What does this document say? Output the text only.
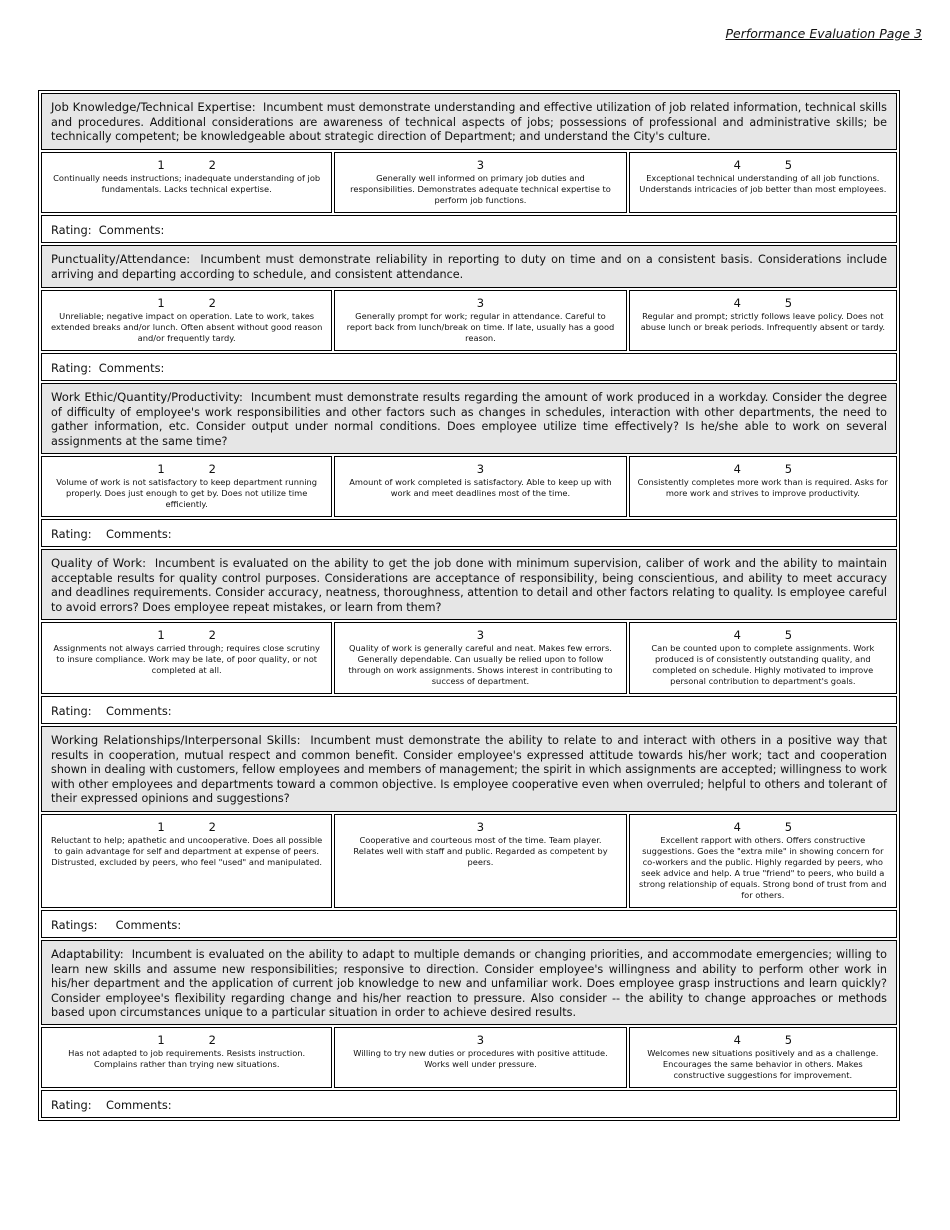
Performance Evaluation Page 3
Job Knowledge/Technical Expertise: Incumbent must demonstrate understanding and effective utilization of job related information, technical skills and procedures. Additional considerations are awareness of technical aspects of jobs; possessions of professional and administrative skills; be technically competent; be knowledgeable about strategic direction of Department; and understand the City's culture.
1            2
Continually needs instructions; inadequate understanding of job fundamentals. Lacks technical expertise.
3
Generally well informed on primary job duties and responsibilities. Demonstrates adequate technical expertise to perform job functions.
4            5
Exceptional technical understanding of all job functions. Understands intricacies of job better than most employees.
Rating:  Comments:
Punctuality/Attendance: Incumbent must demonstrate reliability in reporting to duty on time and on a consistent basis. Considerations include arriving and departing according to schedule, and consistent attendance.
1            2
Unreliable; negative impact on operation. Late to work, takes extended breaks and/or lunch. Often absent without good reason and/or frequently tardy.
3
Generally prompt for work; regular in attendance. Careful to report back from lunch/break on time. If late, usually has a good reason.
4            5
Regular and prompt; strictly follows leave policy. Does not abuse lunch or break periods. Infrequently absent or tardy.
Rating:  Comments:
Work Ethic/Quantity/Productivity: Incumbent must demonstrate results regarding the amount of work produced in a workday. Consider the degree of difficulty of employee's work responsibilities and other factors such as changes in schedules, interaction with other departments, the need to gather information, etc. Consider output under normal conditions. Does employee utilize time effectively? Is he/she able to work on several assignments at the same time?
1            2
Volume of work is not satisfactory to keep department running properly. Does just enough to get by. Does not utilize time efficiently.
3
Amount of work completed is satisfactory. Able to keep up with work and meet deadlines most of the time.
4            5
Consistently completes more work than is required. Asks for more work and strives to improve productivity.
Rating:    Comments:
Quality of Work: Incumbent is evaluated on the ability to get the job done with minimum supervision, caliber of work and the ability to maintain acceptable results for quality control purposes. Considerations are acceptance of responsibility, being conscientious, and ability to meet accuracy and deadlines requirements. Consider accuracy, neatness, thoroughness, attention to detail and other factors relating to quality. Is employee careful to avoid errors? Does employee repeat mistakes, or learn from them?
1            2
Assignments not always carried through; requires close scrutiny to insure compliance. Work may be late, of poor quality, or not completed at all.
3
Quality of work is generally careful and neat. Makes few errors. Generally dependable. Can usually be relied upon to follow through on work assignments. Shows interest in contributing to success of department.
4            5
Can be counted upon to complete assignments. Work produced is of consistently outstanding quality, and completed on schedule. Highly motivated to improve personal contribution to department's goals.
Rating:    Comments:
Working Relationships/Interpersonal Skills: Incumbent must demonstrate the ability to relate to and interact with others in a positive way that results in cooperation, mutual respect and common benefit. Consider employee's expressed attitude towards his/her work; tact and cooperation shown in dealing with customers, fellow employees and members of management; the spirit in which assignments are accepted; willingness to work with other employees and departments toward a common objective. Is employee cooperative even when overruled; helpful to others and tolerant of their expressed opinions and suggestions?
1            2
Reluctant to help; apathetic and uncooperative. Does all possible to gain advantage for self and department at expense of peers. Distrusted, excluded by peers, who feel "used" and manipulated.
3
Cooperative and courteous most of the time. Team player. Relates well with staff and public. Regarded as competent by peers.
4            5
Excellent rapport with others. Offers constructive suggestions. Goes the "extra mile" in showing concern for co-workers and the public. Highly regarded by peers, who seek advice and help. A true "friend" to peers, who build a strong relationship of equals. Strong bond of trust from and for others.
Ratings:     Comments:
Adaptability: Incumbent is evaluated on the ability to adapt to multiple demands or changing priorities, and accommodate emergencies; willing to learn new skills and assume new responsibilities; responsive to direction. Consider employee's willingness and ability to perform other work in his/her department and the application of current job knowledge to new and unfamiliar work. Does employee grasp instructions and learn quickly? Consider employee's flexibility regarding change and his/her reaction to pressure. Also consider -- the ability to change approaches or methods based upon circumstances unique to a particular situation in order to achieve desired results.
1            2
Has not adapted to job requirements. Resists instruction. Complains rather than trying new situations.
3
Willing to try new duties or procedures with positive attitude. Works well under pressure.
4            5
Welcomes new situations positively and as a challenge. Encourages the same behavior in others. Makes constructive suggestions for improvement.
Rating:    Comments:
